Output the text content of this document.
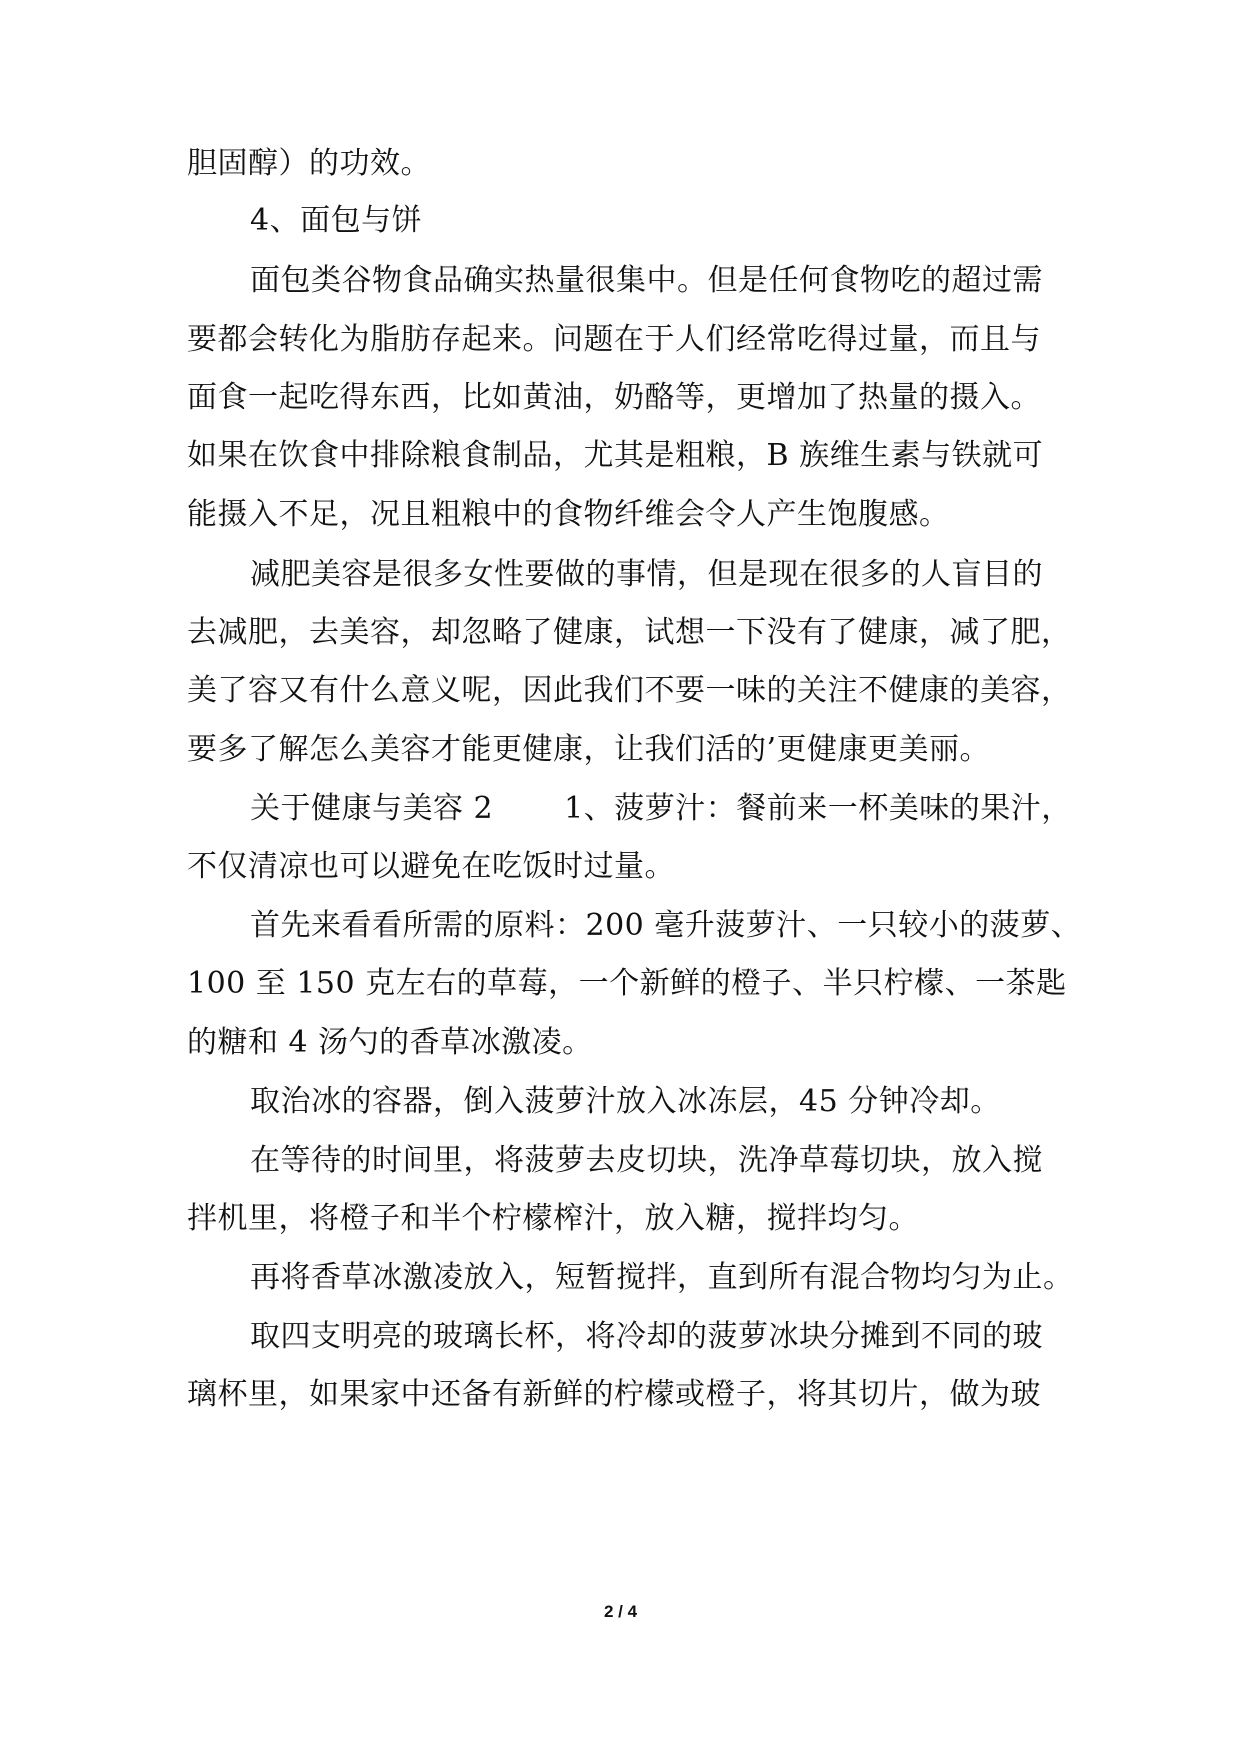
胆固醇）的功效。
4、面包与饼
面包类谷物食品确实热量很集中。但是任何食物吃的超过需
要都会转化为脂肪存起来。问题在于人们经常吃得过量，而且与
面食一起吃得东西，比如黄油，奶酪等，更增加了热量的摄入。
如果在饮食中排除粮食制品，尤其是粗粮，B 族维生素与铁就可
能摄入不足，况且粗粮中的食物纤维会令人产生饱腹感。
减肥美容是很多女性要做的事情，但是现在很多的人盲目的
去减肥，去美容，却忽略了健康，试想一下没有了健康，减了肥，
美了容又有什么意义呢，因此我们不要一味的关注不健康的美容，
要多了解怎么美容才能更健康，让我们活的’更健康更美丽。
关于健康与美容 2　　 1、菠萝汁：餐前来一杯美味的果汁，
不仅清凉也可以避免在吃饭时过量。
首先来看看所需的原料：200 毫升菠萝汁、一只较小的菠萝、
100 至 150 克左右的草莓，一个新鲜的橙子、半只柠檬、一茶匙
的糖和 4 汤勺的香草冰激凌。
取治冰的容器，倒入菠萝汁放入冰冻层，45 分钟冷却。
在等待的时间里，将菠萝去皮切块，洗净草莓切块，放入搅
拌机里，将橙子和半个柠檬榨汁，放入糖，搅拌均匀。
再将香草冰激凌放入，短暂搅拌，直到所有混合物均匀为止。
取四支明亮的玻璃长杯，将冷却的菠萝冰块分摊到不同的玻
璃杯里，如果家中还备有新鲜的柠檬或橙子，将其切片，做为玻
2 / 4
